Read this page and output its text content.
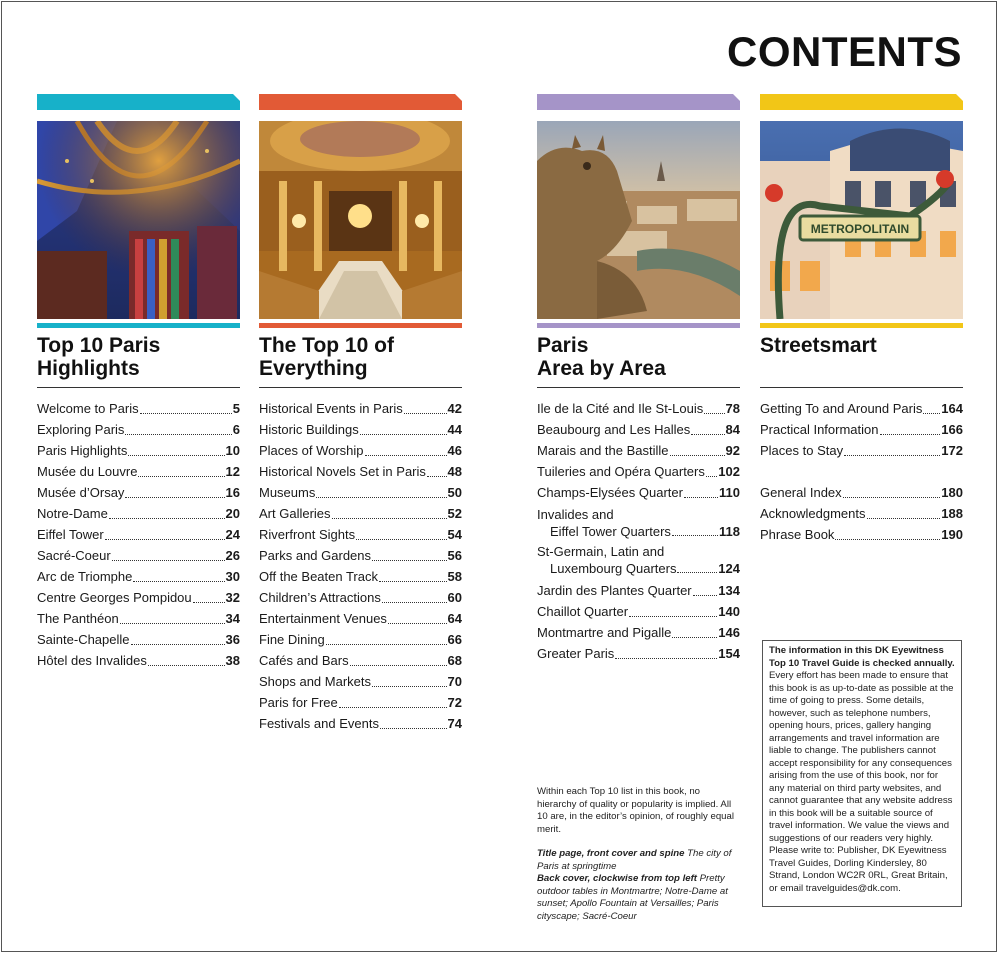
CONTENTS
Top 10 Paris
Highlights
Welcome to Paris	5
Exploring Paris	6
Paris Highlights	10
Musée du Louvre	12
Musée d’Orsay	16
Notre-Dame	20
Eiffel Tower	24
Sacré-Coeur	26
Arc de Triomphe	30
Centre Georges Pompidou	32
The Panthéon	34
Sainte-Chapelle	36
Hôtel des Invalides	38
The Top 10 of
Everything
Historical Events in Paris	42
Historic Buildings	44
Places of Worship	46
Historical Novels Set in Paris 48
Museums	50
Art Galleries	52
Riverfront Sights	54
Parks and Gardens	56
Off the Beaten Track	58
Children’s Attractions	60
Entertainment Venues	64
Fine Dining	66
Cafés and Bars	68
Shops and Markets	70
Paris for Free	72
Festivals and Events	74
Paris
Area by Area
Ile de la Cité and Ile St-Louis 78
Beaubourg and Les Halles	84
Marais and the Bastille	92
Tuileries and Opéra Quarters 102
Champs-Elysées Quarter	110
Invalides and
Eiffel Tower Quarters	118
St-Germain, Latin and
Luxembourg Quarters	124
Jardin des Plantes Quarter 134
Chaillot Quarter	140
Montmartre and Pigalle	146
Greater Paris	154
METROPOLITAIN
Streetsmart
Getting To and Around Paris 164
Practical Information	166
Places to Stay	172
General Index	180
Acknowledgments	188
Phrase Book	190
Within each Top 10 list in this book, no hierarchy of quality or popularity is implied. All 10 are, in the editor’s opinion, of roughly equal merit.
Title page, front cover and spine The city of Paris at springtime
Back cover, clockwise from top left Pretty outdoor tables in Montmartre; Notre-Dame at sunset; Apollo Fountain at Versailles; Paris cityscape; Sacré-Coeur
The information in this DK Eyewitness Top 10 Travel Guide is checked annually. Every effort has been made to ensure that this book is as up-to-date as possible at the time of going to press. Some details, however, such as telephone numbers, opening hours, prices, gallery hanging arrangements and travel information are liable to change. The publishers cannot accept responsibility for any consequences arising from the use of this book, nor for any material on third party websites, and cannot guarantee that any website address in this book will be a suitable source of travel information. We value the views and suggestions of our readers very highly. Please write to: Publisher, DK Eyewitness Travel Guides, Dorling Kindersley, 80 Strand, London WC2R 0RL, Great Britain, or email travelguides@dk.com.
